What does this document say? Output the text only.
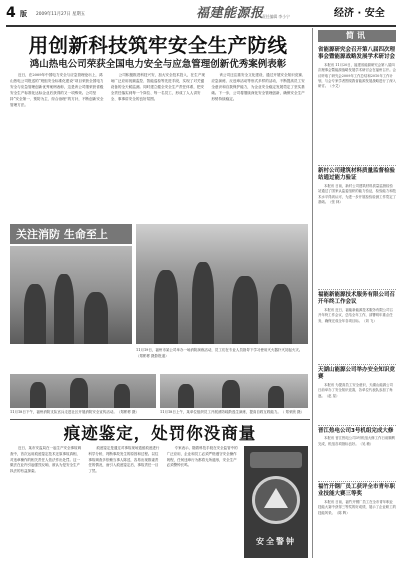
4 版 2009年11月27日 星期五	福建能源报
责任编辑 李小宁	经济 · 安全
用创新科技筑牢安全生产防线
鸿山热电公司荣获全国电力安全与应急管理创新优秀案例表彰
近日，在2009年中国电力安全与应急管理论坛上，鸿山热电公司报送的“班组安全标准化建设”项目荣获全国电力安全与应急管理创新优秀案例表彰，这是该公司继荣获省级安全生产标准化达标企业后获得的又一项殊荣。公司坚持“安全第一、预防为主、综合治理”的方针，不断创新安全管理方法。
公司积极推进科技兴安，加大安全技术投入，在生产现场广泛应用视频监控、智能巡检等先进手段，实现了对关键设备的全天候监测。同时建立健全安全生产责任体系，把安全责任落实到每一个岗位、每一名员工，形成了人人讲安全、事事讲安全的良好氛围。
该公司还注重安全文化建设，通过开展安全知识竞赛、应急演练、反违章活动等形式多样的活动，不断提高员工安全意识和自我保护能力，为企业安全稳定发展奠定了坚实基础。下一步，公司将继续深化安全管理创新，确保安全生产形势持续稳定。
关注消防 生命至上
11月19日，福州市某公司举办一场消防演练活动，员工们在专业人员指导下学习使用灭火器扑灭初起火灾。（郑彬彬 摄影报道）
11月18日下午，福州消防支队官兵走进社区开展消防安全宣传活动。（郑彬彬 摄）	11月18日上午，某单位组织员工开展消防疏散逃生演练，提高自救互救能力。（ 郑荣欣 摄）
简讯
省能源研究会召开第八届四次理事会暨能源战略发展学术研讨会

本报讯 11月20日，福建省能源研究会第八届四次理事会暨能源战略发展学术研讨会在福州召开。会议听取了研究会2009年工作总结和2010年工作计划，与会专家学者围绕我省能源发展战略进行了深入研讨。（小艾）

新村公司建筑材料质量监督检验站通过能力验证

本报讯 日前，新村公司建筑材料质量监督检验站通过了国家认监委组织的能力验证，检验能力和技术水平得到认可，为进一步开展检验检测工作奠定了基础。（张 林）

福能新能源技术服务有限公司召开年终工作会议

本报讯 近日，福能新能源技术服务有限公司召开年终工作会议，总结全年工作，部署明年重点任务，确保完成全年各项目标。（刘 飞）

天湖山能源公司举办安全知识竞赛

本报讯 为提高员工安全意识，天湖山能源公司日前举办了安全知识竞赛，各单位代表队参加了角逐。（赵 星）

晋江热电公司3号机组完成大修

本报讯 晋江热电公司3号机组大修工作日前顺利完成，机组各项指标良好。（吴 敏）

福竹开钢厂员工获评全市青年职业技能大赛三等奖

本报讯 日前，福竹开钢厂员工在全市青年职业技能大赛中获得三等奖的好成绩，展示了企业职工的技能风采。（陈 辉）

痕迹鉴定，处罚你没商量
近日，某市安监局在一起生产安全事故调查中，首次运用痕迹鉴定技术还原事故真相，对违章操作的相关责任人依法作出处罚。这一做法在业内引起强烈反响，被认为是安全生产执法的有益探索。
痕迹鉴定是通过对事故现场遗留痕迹进行科学分析，判断事故发生的原因和过程。以往事故调查多依赖当事人陈述，容易出现推诿责任的情况，而引入痕迹鉴定后，事故责任一目了然。
专家表示，随着科技手段在安全监管中的广泛应用，企业和员工必须严格遵守安全操作规程，任何违章行为都将无所遁形，安全生产必须警钟长鸣。
安全警钟
